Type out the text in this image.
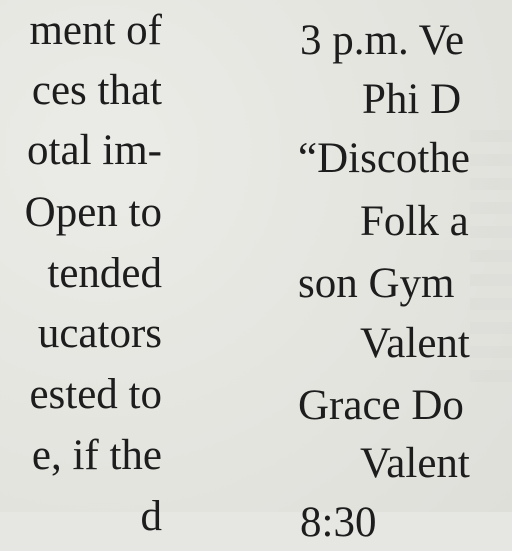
ment of
ces that
otal im-
Open to
tended
ucators
ested to
e, if the
d
3 p.m. Ve
Phi D
“Discothe
Folk a
son Gym
Valent
Grace Do
Valent
8:30
